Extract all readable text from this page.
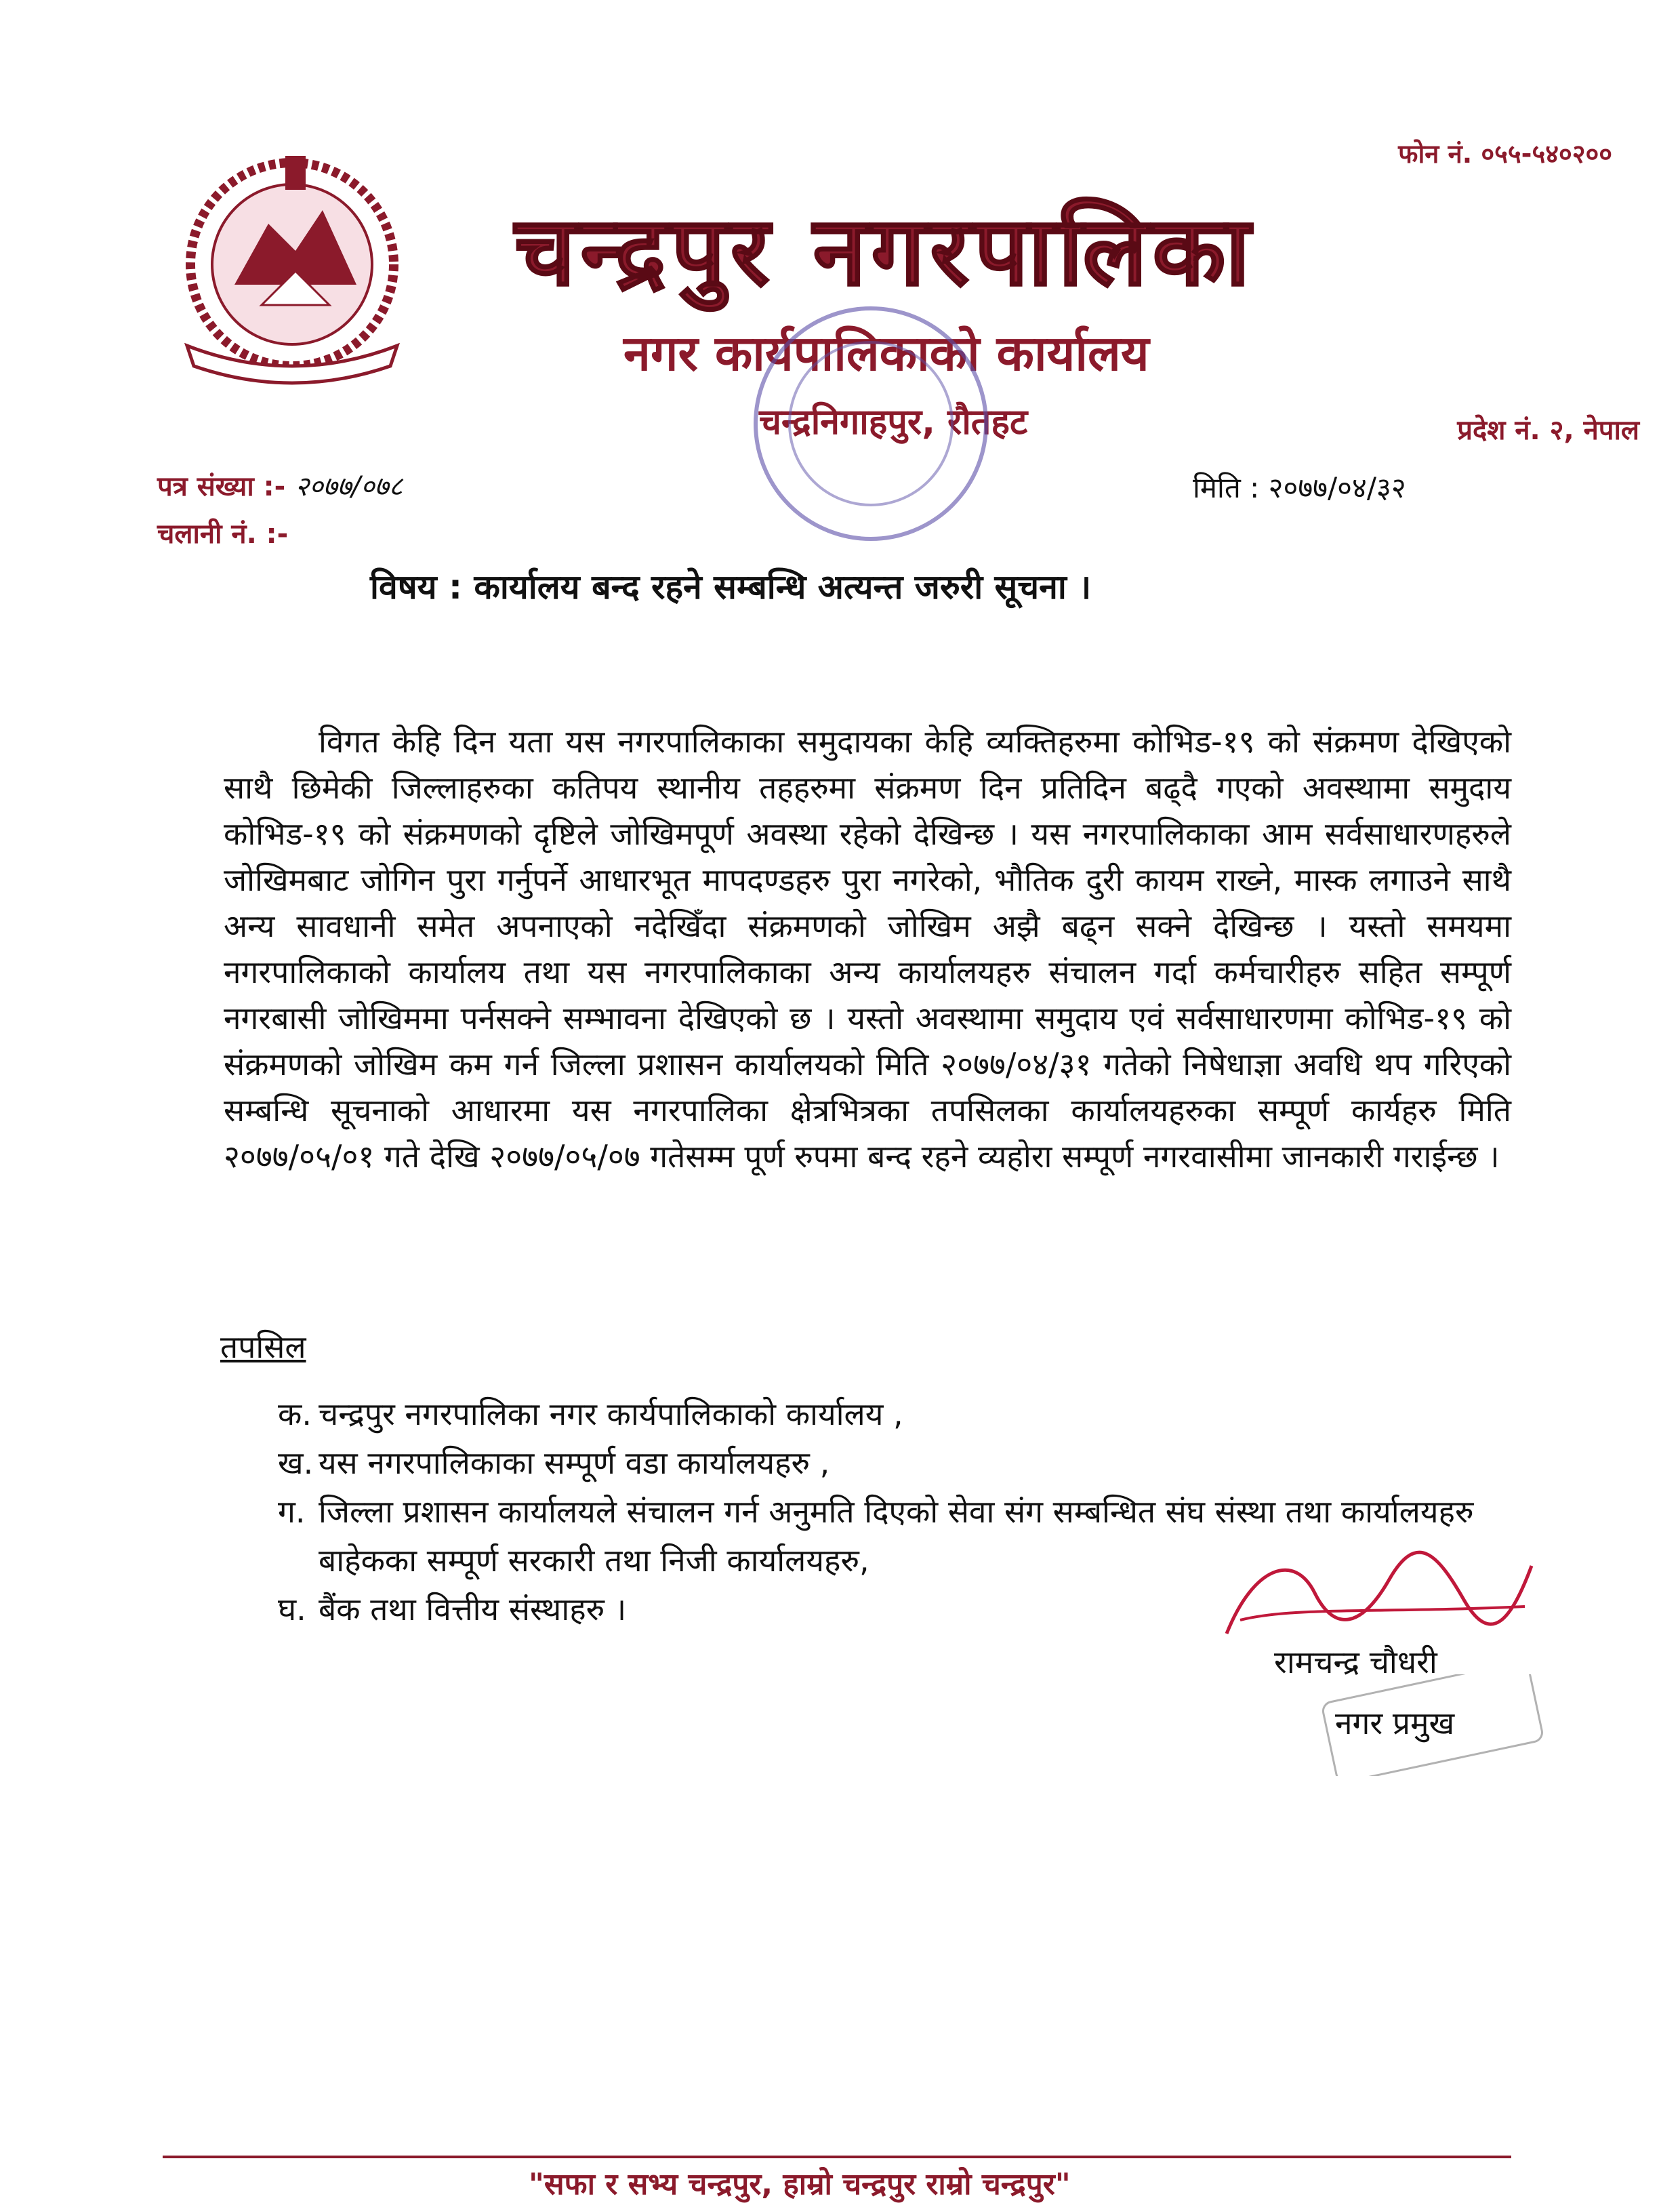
फोन नं. ०५५-५४०२००
चन्द्रपुर नगरपालिका
नगर कार्यपालिकाको कार्यालय
चन्द्रनिगाहपुर, रौतहट	प्रदेश नं. २, नेपाल
पत्र संख्या :- २०७७/०७८
चलानी नं. :-
मिति : २०७७/०४/३२
विषय : कार्यालय बन्द रहने सम्बन्धि अत्यन्त जरुरी सूचना ।

विगत केहि दिन यता यस नगरपालिकाका समुदायका केहि व्यक्तिहरुमा कोभिड-१९ को संक्रमण देखिएको साथै छिमेकी जिल्लाहरुका कतिपय स्थानीय तहहरुमा संक्रमण दिन प्रतिदिन बढ्दै गएको अवस्थामा समुदाय कोभिड-१९ को संक्रमणको दृष्टिले जोखिमपूर्ण अवस्था रहेको देखिन्छ । यस नगरपालिकाका आम सर्वसाधारणहरुले जोखिमबाट जोगिन पुरा गर्नुपर्ने आधारभूत मापदण्डहरु पुरा नगरेको, भौतिक दुरी कायम राख्ने, मास्क लगाउने साथै अन्य सावधानी समेत अपनाएको नदेखिँदा संक्रमणको जोखिम अझै बढ्न सक्ने देखिन्छ । यस्तो समयमा नगरपालिकाको कार्यालय तथा यस नगरपालिकाका अन्य कार्यालयहरु संचालन गर्दा कर्मचारीहरु सहित सम्पूर्ण नगरबासी जोखिममा पर्नसक्ने सम्भावना देखिएको छ । यस्तो अवस्थामा समुदाय एवं सर्वसाधारणमा कोभिड-१९ को संक्रमणको जोखिम कम गर्न जिल्ला प्रशासन कार्यालयको मिति २०७७/०४/३१ गतेको निषेधाज्ञा अवधि थप गरिएको सम्बन्धि सूचनाको आधारमा यस नगरपालिका क्षेत्रभित्रका तपसिलका कार्यालयहरुका सम्पूर्ण कार्यहरु मिति २०७७/०५/०१ गते देखि २०७७/०५/०७ गतेसम्म पूर्ण रुपमा बन्द रहने व्यहोरा सम्पूर्ण नगरवासीमा जानकारी गराईन्छ ।

तपसिल
क. चन्द्रपुर नगरपालिका नगर कार्यपालिकाको कार्यालय ,
ख. यस नगरपालिकाका सम्पूर्ण वडा कार्यालयहरु ,
ग. जिल्ला प्रशासन कार्यालयले संचालन गर्न अनुमति दिएको सेवा संग सम्बन्धित संघ संस्था तथा कार्यालयहरु बाहेकका सम्पूर्ण सरकारी तथा निजी कार्यालयहरु,
घ. बैंक तथा वित्तीय संस्थाहरु ।
रामचन्द्र चौधरी
नगर प्रमुख
"सफा र सभ्य चन्द्रपुर, हाम्रो चन्द्रपुर राम्रो चन्द्रपुर"
